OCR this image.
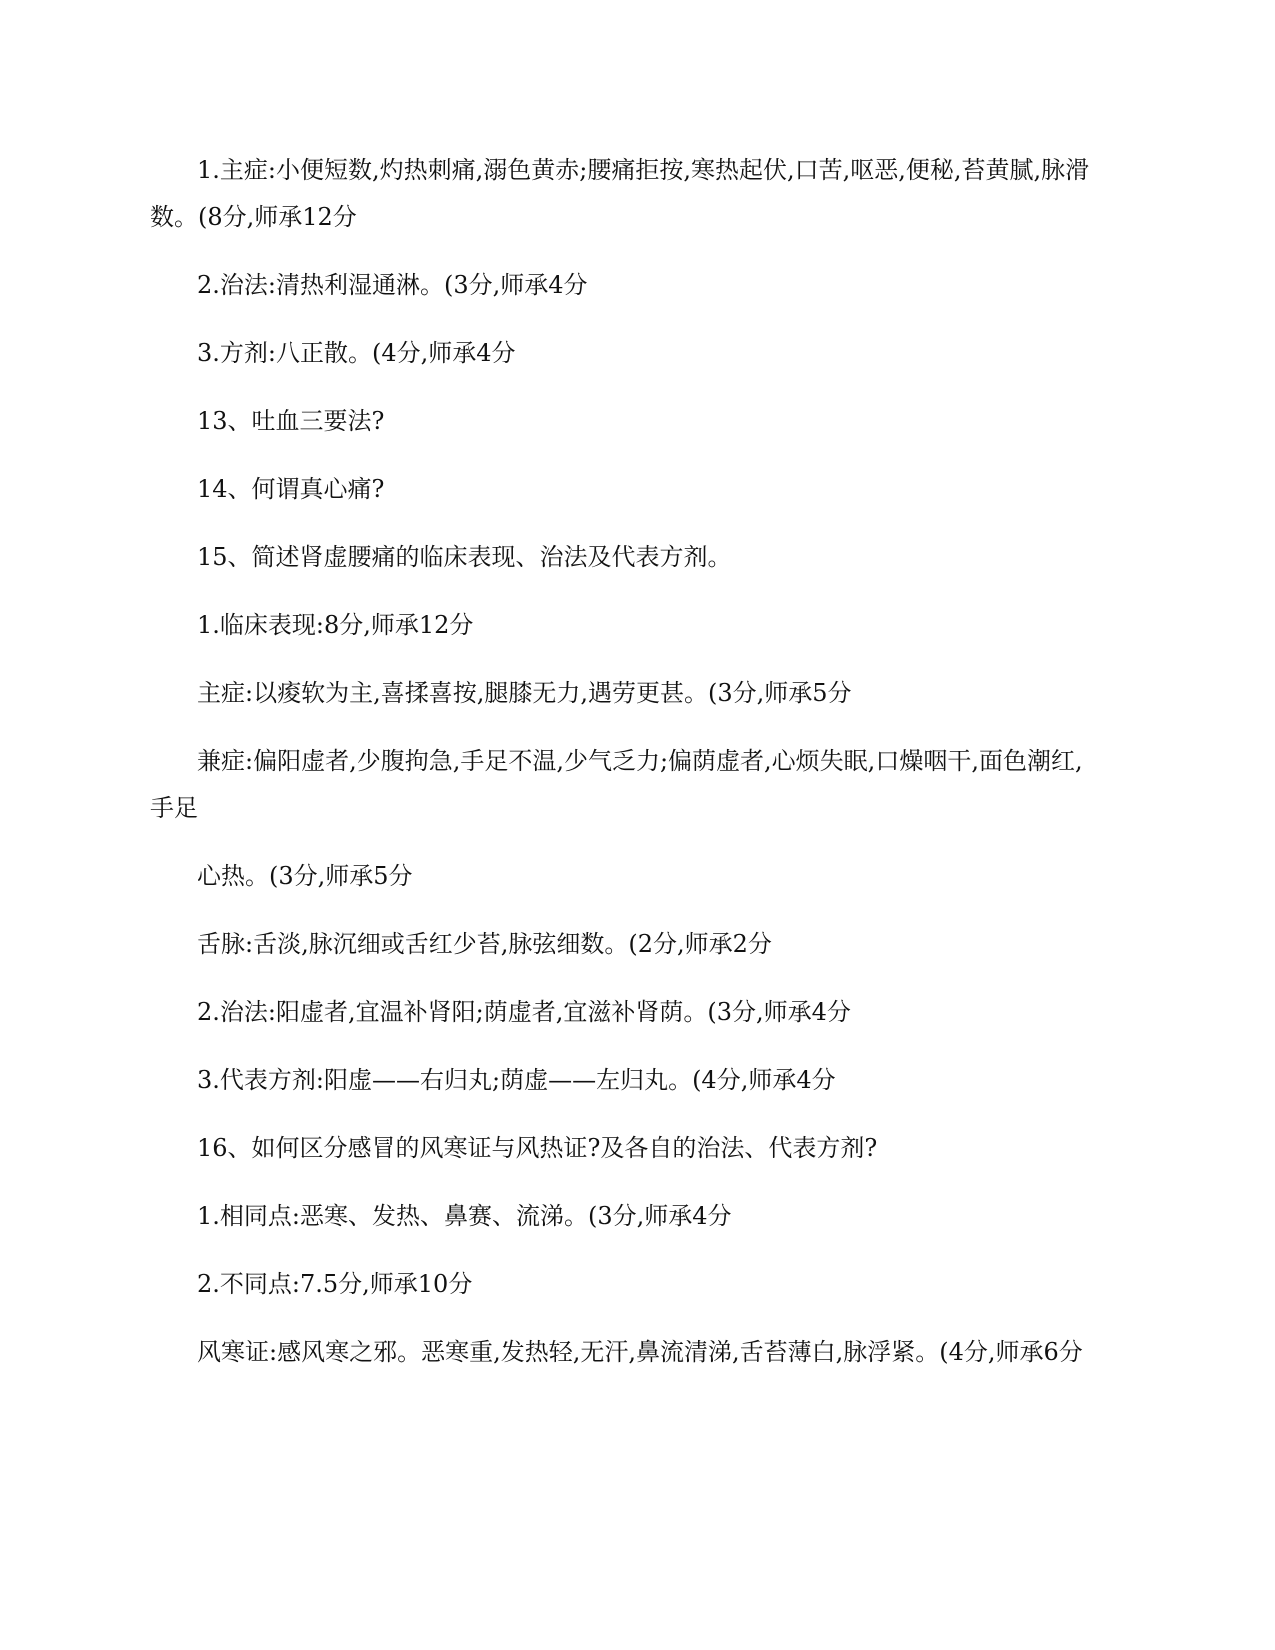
1.主症:小便短数,灼热刺痛,溺色黄赤;腰痛拒按,寒热起伏,口苦,呕恶,便秘,苔黄腻,脉滑
数。(8分,师承12分
2.治法:清热利湿通淋。(3分,师承4分
3.方剂:八正散。(4分,师承4分
13、吐血三要法?
14、何谓真心痛?
15、简述肾虚腰痛的临床表现、治法及代表方剂。
1.临床表现:8分,师承12分
主症:以痠软为主,喜揉喜按,腿膝无力,遇劳更甚。(3分,师承5分
兼症:偏阳虚者,少腹拘急,手足不温,少气乏力;偏荫虚者,心烦失眠,口燥咽干,面色潮红,
手足
心热。(3分,师承5分
舌脉:舌淡,脉沉细或舌红少苔,脉弦细数。(2分,师承2分
2.治法:阳虚者,宜温补肾阳;荫虚者,宜滋补肾荫。(3分,师承4分
3.代表方剂:阳虚——右归丸;荫虚——左归丸。(4分,师承4分
16、如何区分感冒的风寒证与风热证?及各自的治法、代表方剂?
1.相同点:恶寒、发热、鼻赛、流涕。(3分,师承4分
2.不同点:7.5分,师承10分
风寒证:感风寒之邪。恶寒重,发热轻,无汗,鼻流清涕,舌苔薄白,脉浮紧。(4分,师承6分
